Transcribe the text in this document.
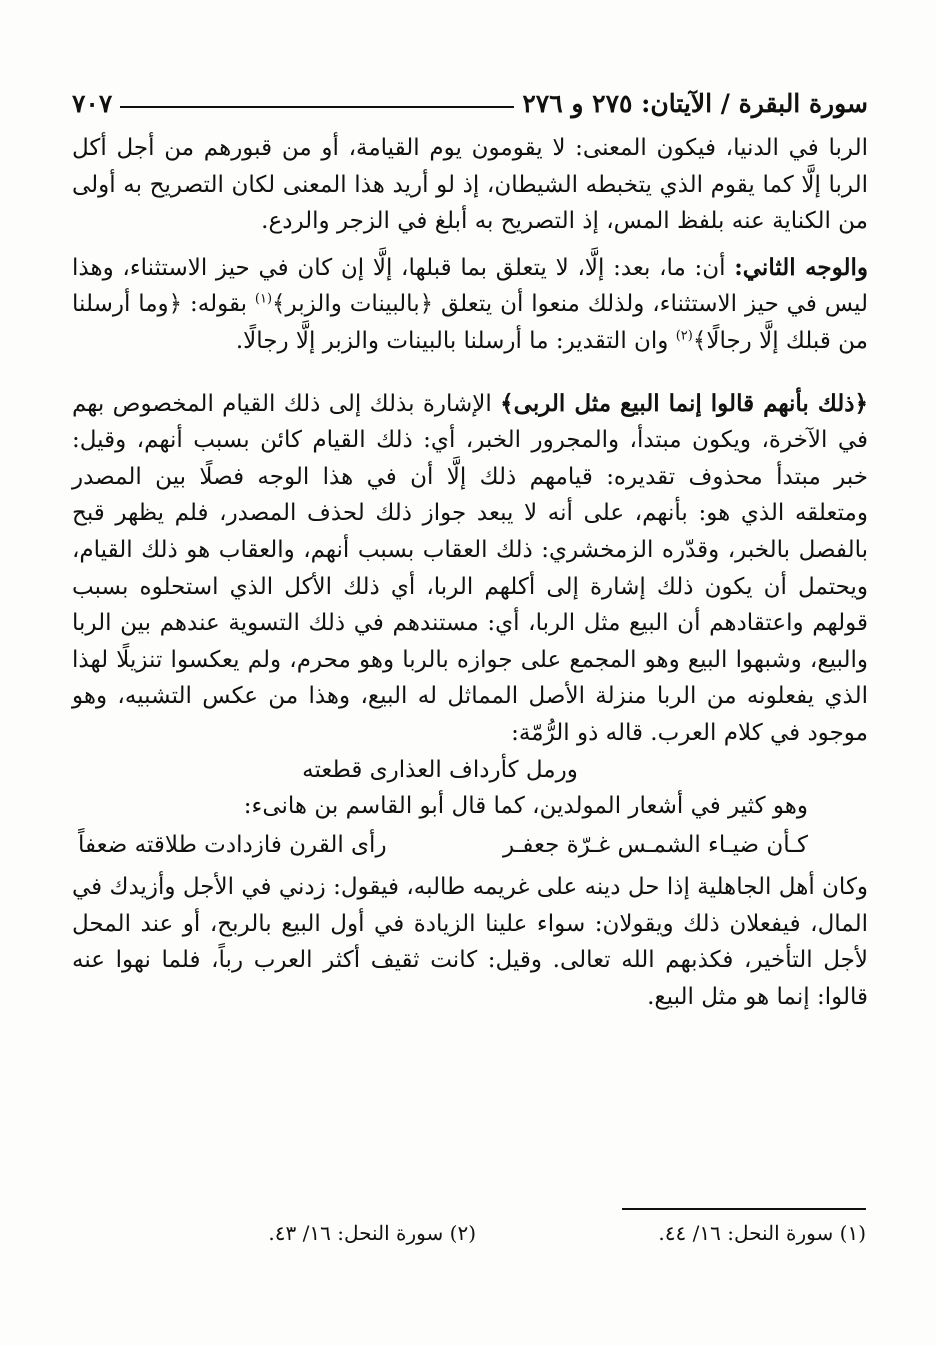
٧٠٧	سورة البقرة / الآيتان: ٢٧٥ و ٢٧٦

الربا في الدنيا، فيكون المعنى: لا يقومون يوم القيامة، أو من قبورهم من أجل أكل الربا إلَّا كما يقوم الذي يتخبطه الشيطان، إذ لو أريد هذا المعنى لكان التصريح به أولى من الكناية عنه بلفظ المس، إذ التصريح به أبلغ في الزجر والردع.

والوجه الثاني: أن: ما، بعد: إلَّا، لا يتعلق بما قبلها، إلَّا إن كان في حيز الاستثناء، وهذا ليس في حيز الاستثناء، ولذلك منعوا أن يتعلق ﴿بالبينات والزبر﴾$^{(١)}$ بقوله: ﴿وما أرسلنا من قبلك إلَّا رجالًا﴾$^{(٢)}$ وان التقدير: ما أرسلنا بالبينات والزبر إلَّا رجالًا.

﴿ذلك بأنهم قالوا إنما البيع مثل الربى﴾ الإشارة بذلك إلى ذلك القيام المخصوص بهم في الآخرة، ويكون مبتدأ، والمجرور الخبر، أي: ذلك القيام كائن بسبب أنهم، وقيل: خبر مبتدأ محذوف تقديره: قيامهم ذلك إلَّا أن في هذا الوجه فصلًا بين المصدر ومتعلقه الذي هو: بأنهم، على أنه لا يبعد جواز ذلك لحذف المصدر، فلم يظهر قبح بالفصل بالخبر، وقدّره الزمخشري: ذلك العقاب بسبب أنهم، والعقاب هو ذلك القيام، ويحتمل أن يكون ذلك إشارة إلى أكلهم الربا، أي ذلك الأكل الذي استحلوه بسبب قولهم واعتقادهم أن البيع مثل الربا، أي: مستندهم في ذلك التسوية عندهم بين الربا والبيع، وشبهوا البيع وهو المجمع على جوازه بالربا وهو محرم، ولم يعكسوا تنزيلًا لهذا الذي يفعلونه من الربا منزلة الأصل المماثل له البيع، وهذا من عكس التشبيه، وهو موجود في كلام العرب. قاله ذو الرُّمّة:

ورمل كأرداف العذارى قطعته

وهو كثير في أشعار المولدين، كما قال أبو القاسم بن هانىء:

كـأن ضيـاء الشمـس غـرّة جعفـر
رأى القرن فازدادت طلاقته ضعفاً

وكان أهل الجاهلية إذا حل دينه على غريمه طالبه، فيقول: زدني في الأجل وأزيدك في المال، فيفعلان ذلك ويقولان: سواء علينا الزيادة في أول البيع بالربح، أو عند المحل لأجل التأخير، فكذبهم الله تعالى. وقيل: كانت ثقيف أكثر العرب رباً، فلما نهوا عنه قالوا: إنما هو مثل البيع.

(١) سورة النحل: ١٦/ ٤٤.
(٢) سورة النحل: ١٦/ ٤٣.
